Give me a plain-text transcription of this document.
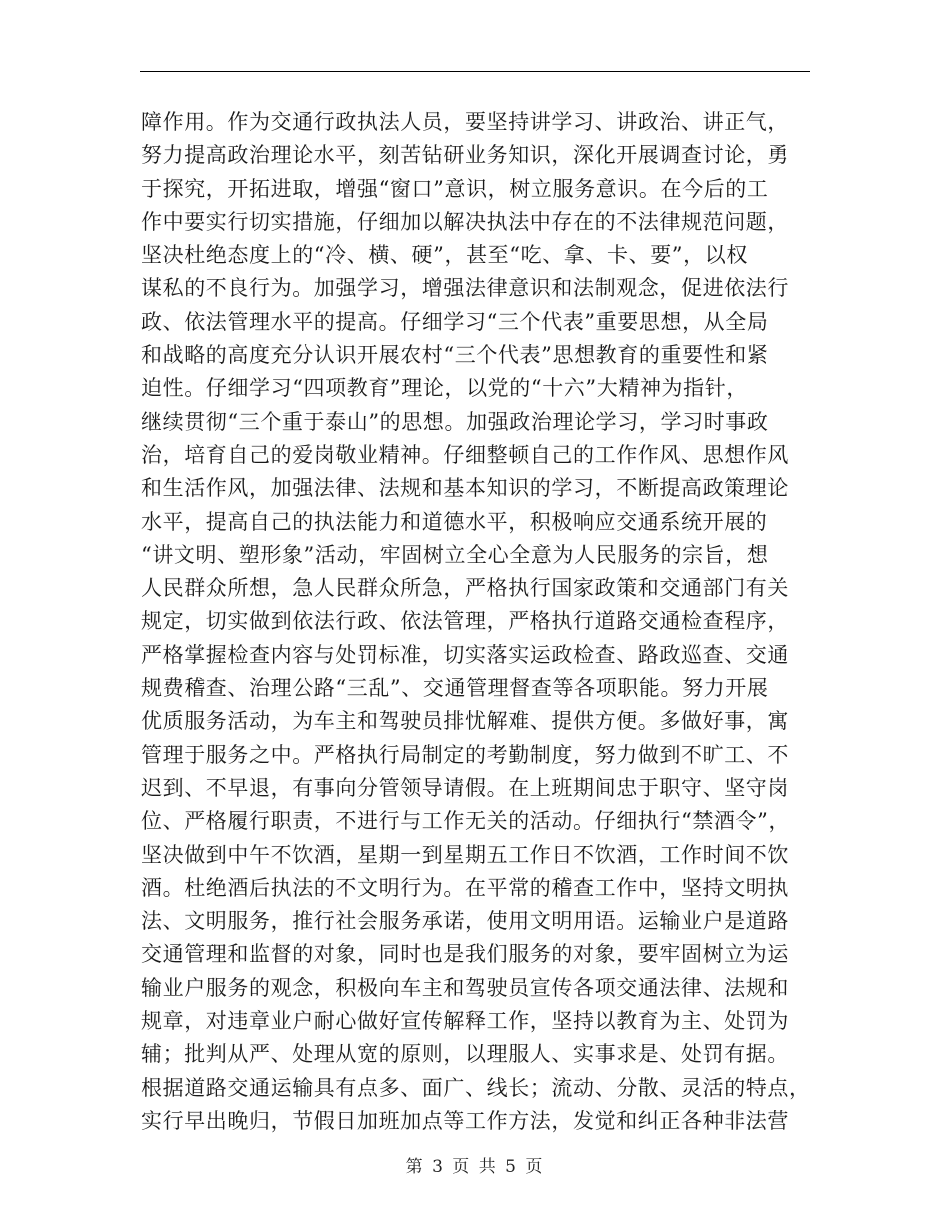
障作用。作为交通行政执法人员，要坚持讲学习、讲政治、讲正气，
努力提高政治理论水平，刻苦钻研业务知识，深化开展调查讨论，勇
于探究，开拓进取，增强“窗口”意识，树立服务意识。在今后的工
作中要实行切实措施，仔细加以解决执法中存在的不法律规范问题，
坚决杜绝态度上的“冷、横、硬”，甚至“吃、拿、卡、要”，以权
谋私的不良行为。加强学习，增强法律意识和法制观念，促进依法行
政、依法管理水平的提高。仔细学习“三个代表”重要思想，从全局
和战略的高度充分认识开展农村“三个代表”思想教育的重要性和紧
迫性。仔细学习“四项教育”理论，以党的“十六”大精神为指针，
继续贯彻“三个重于泰山”的思想。加强政治理论学习，学习时事政
治，培育自己的爱岗敬业精神。仔细整顿自己的工作作风、思想作风
和生活作风，加强法律、法规和基本知识的学习，不断提高政策理论
水平，提高自己的执法能力和道德水平，积极响应交通系统开展的
“讲文明、塑形象”活动，牢固树立全心全意为人民服务的宗旨，想
人民群众所想，急人民群众所急，严格执行国家政策和交通部门有关
规定，切实做到依法行政、依法管理，严格执行道路交通检查程序，
严格掌握检查内容与处罚标准，切实落实运政检查、路政巡查、交通
规费稽查、治理公路“三乱”、交通管理督查等各项职能。努力开展
优质服务活动，为车主和驾驶员排忧解难、提供方便。多做好事，寓
管理于服务之中。严格执行局制定的考勤制度，努力做到不旷工、不
迟到、不早退，有事向分管领导请假。在上班期间忠于职守、坚守岗
位、严格履行职责，不进行与工作无关的活动。仔细执行“禁酒令”，
坚决做到中午不饮酒，星期一到星期五工作日不饮酒，工作时间不饮
酒。杜绝酒后执法的不文明行为。在平常的稽查工作中，坚持文明执
法、文明服务，推行社会服务承诺，使用文明用语。运输业户是道路
交通管理和监督的对象，同时也是我们服务的对象，要牢固树立为运
输业户服务的观念，积极向车主和驾驶员宣传各项交通法律、法规和
规章，对违章业户耐心做好宣传解释工作，坚持以教育为主、处罚为
辅；批判从严、处理从宽的原则，以理服人、实事求是、处罚有据。
根据道路交通运输具有点多、面广、线长；流动、分散、灵活的特点，
实行早出晚归，节假日加班加点等工作方法，发觉和纠正各种非法营
第 3 页 共 5 页
